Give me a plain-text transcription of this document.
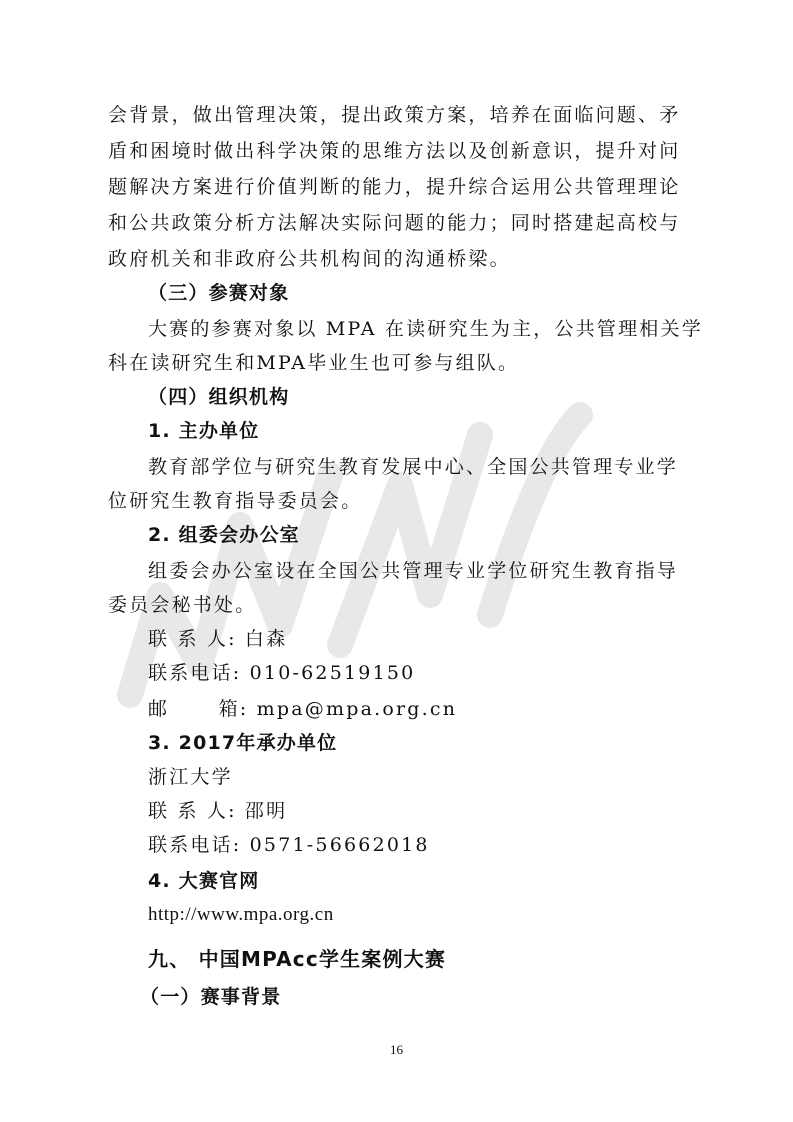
会背景，做出管理决策，提出政策方案，培养在面临问题、矛
盾和困境时做出科学决策的思维方法以及创新意识，提升对问
题解决方案进行价值判断的能力，提升综合运用公共管理理论
和公共政策分析方法解决实际问题的能力；同时搭建起高校与
政府机关和非政府公共机构间的沟通桥梁。
（三）参赛对象
大赛的参赛对象以 MPA 在读研究生为主，公共管理相关学
科在读研究生和MPA毕业生也可参与组队。
（四）组织机构
1. 主办单位
教育部学位与研究生教育发展中心、全国公共管理专业学
位研究生教育指导委员会。
2. 组委会办公室
组委会办公室设在全国公共管理专业学位研究生教育指导
委员会秘书处。
联 系 人: 白森
联系电话: 010-62519150
邮      箱: mpa@mpa.org.cn
3. 2017年承办单位
浙江大学
联 系 人: 邵明
联系电话: 0571-56662018
4. 大赛官网
http://www.mpa.org.cn
九、 中国MPAcc学生案例大赛
（一）赛事背景
16
